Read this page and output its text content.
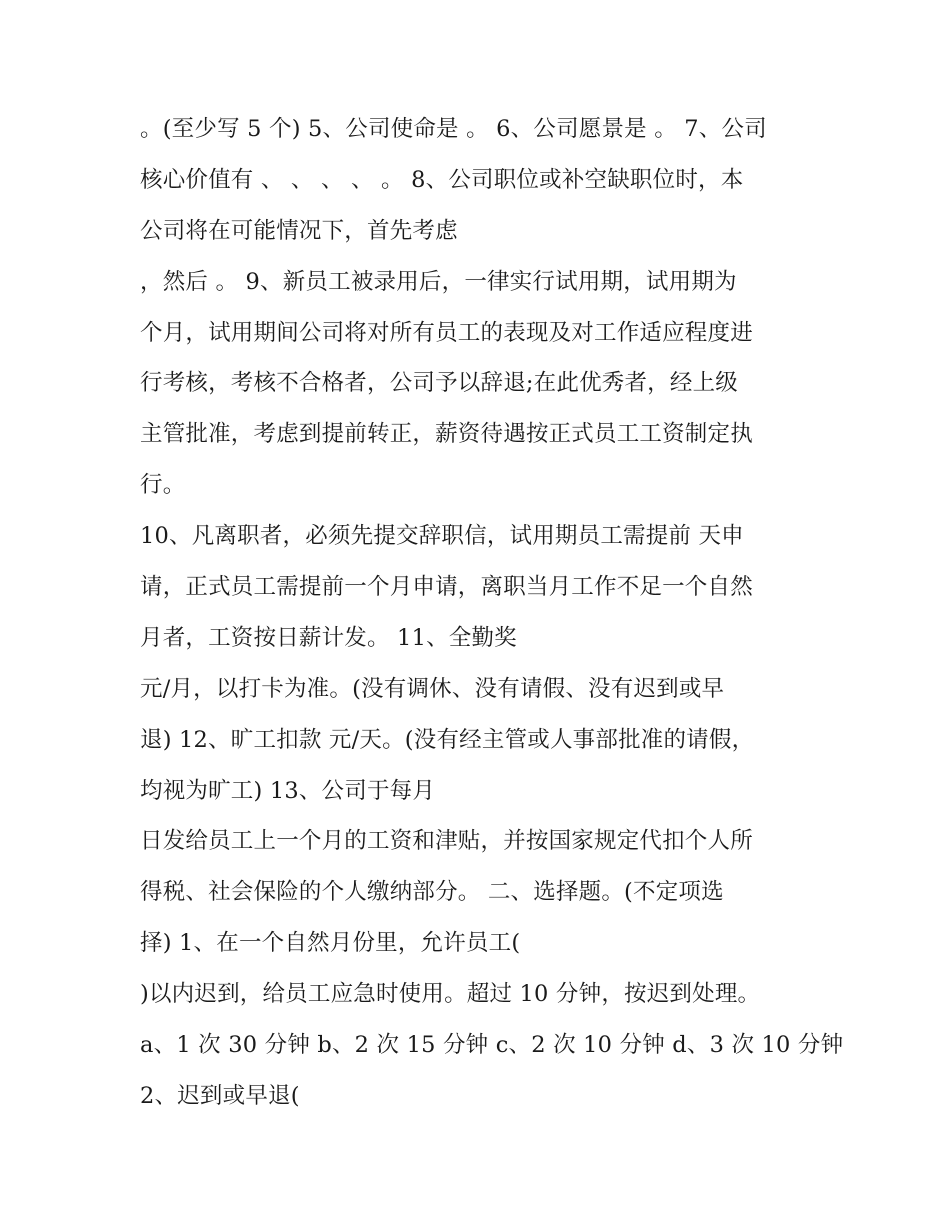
。(至少写 5 个) 5、公司使命是 。 6、公司愿景是 。 7、公司
核心价值有 、 、 、 、 。 8、公司职位或补空缺职位时，本
公司将在可能情况下，首先考虑
，然后 。 9、新员工被录用后，一律实行试用期，试用期为
个月，试用期间公司将对所有员工的表现及对工作适应程度进
行考核，考核不合格者，公司予以辞退;在此优秀者，经上级
主管批准，考虑到提前转正，薪资待遇按正式员工工资制定执
行。
10、凡离职者，必须先提交辞职信，试用期员工需提前 天申
请，正式员工需提前一个月申请，离职当月工作不足一个自然
月者，工资按日薪计发。 11、全勤奖
元/月，以打卡为准。(没有调休、没有请假、没有迟到或早
退) 12、旷工扣款 元/天。(没有经主管或人事部批准的请假，
均视为旷工) 13、公司于每月
日发给员工上一个月的工资和津贴，并按国家规定代扣个人所
得税、社会保险的个人缴纳部分。 二、选择题。(不定项选
择) 1、在一个自然月份里，允许员工(
)以内迟到，给员工应急时使用。超过 10 分钟，按迟到处理。
a、1 次 30 分钟 b、2 次 15 分钟 c、2 次 10 分钟 d、3 次 10 分钟
2、迟到或早退(
